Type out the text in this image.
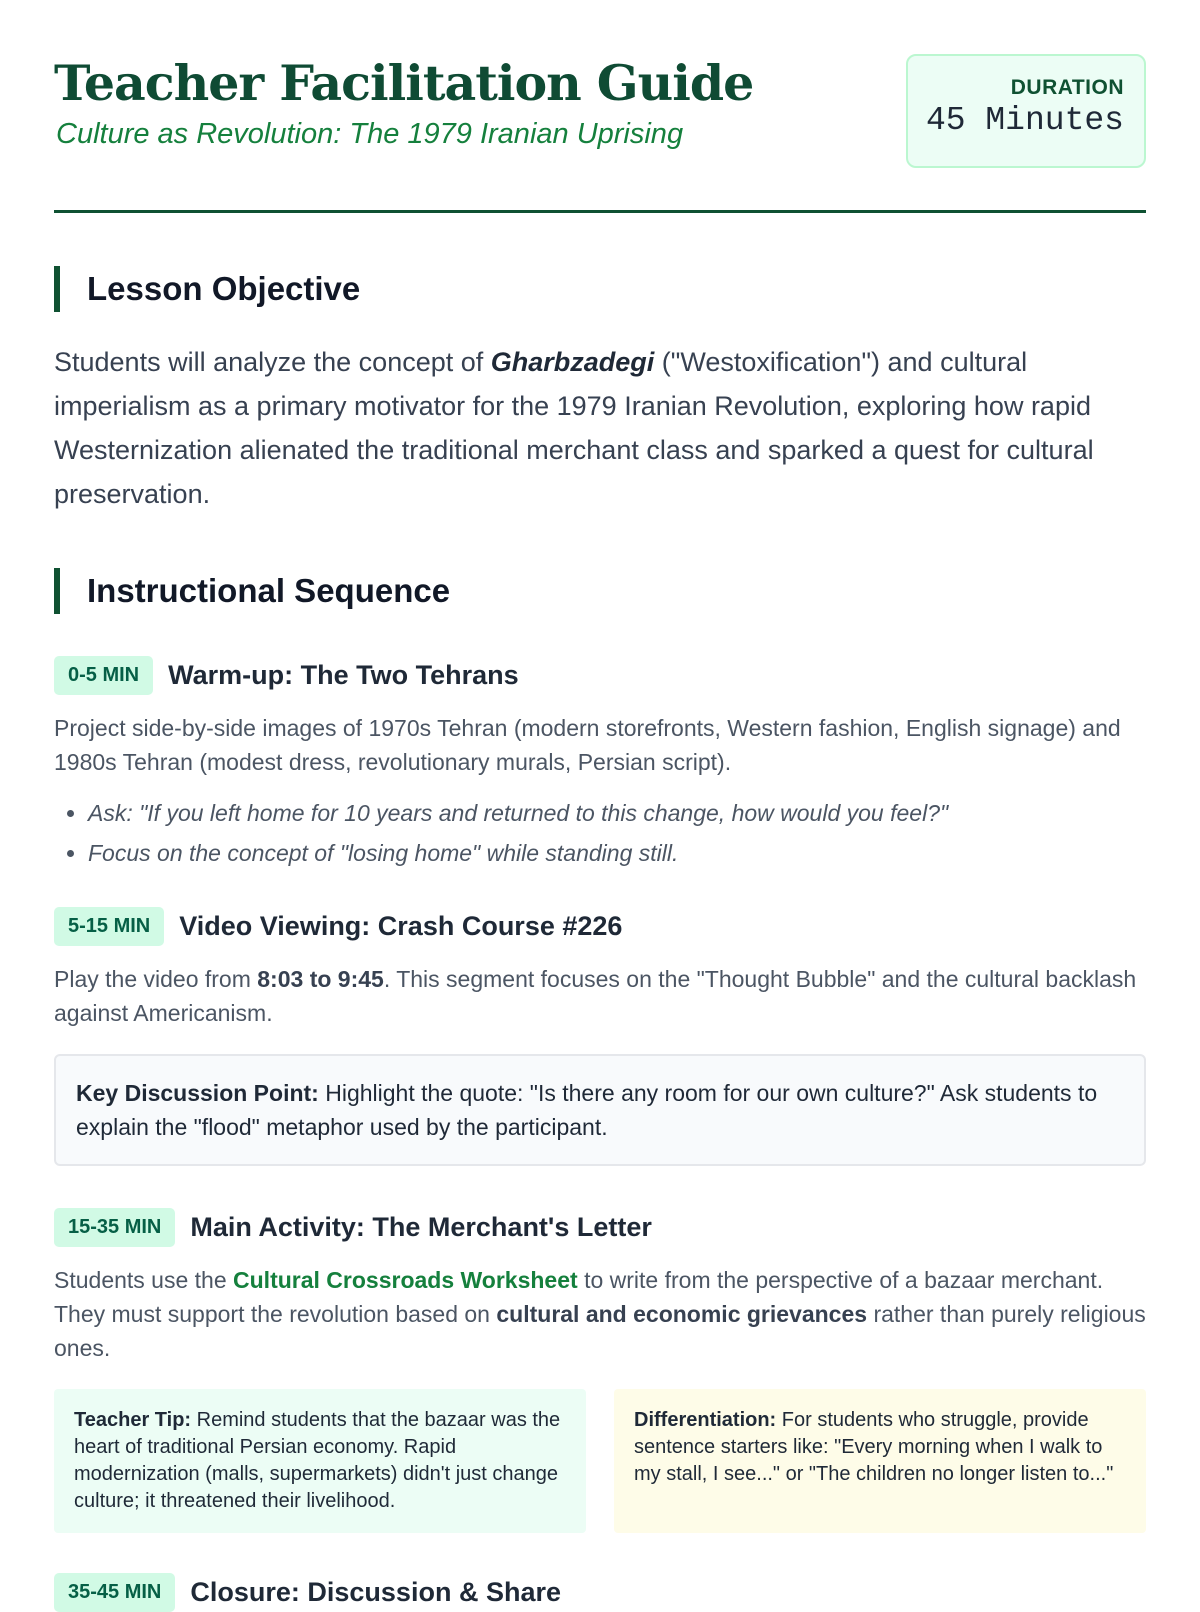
Teacher Facilitation Guide
Culture as Revolution: The 1979 Iranian Uprising
DURATION
45 Minutes
Lesson Objective

Students will analyze the concept of Gharbzadegi ("Westoxification") and cultural imperialism as a primary motivator for the 1979 Iranian Revolution, exploring how rapid Westernization alienated the traditional merchant class and sparked a quest for cultural preservation.

Instructional Sequence
0-5 MIN	Warm-up: The Two Tehrans

Project side-by-side images of 1970s Tehran (modern storefronts, Western fashion, English signage) and 1980s Tehran (modest dress, revolutionary murals, Persian script).

• Ask: "If you left home for 10 years and returned to this change, how would you feel?"
• Focus on the concept of "losing home" while standing still.
5-15 MIN	Video Viewing: Crash Course #226

Play the video from 8:03 to 9:45. This segment focuses on the "Thought Bubble" and the cultural backlash against Americanism.

Key Discussion Point: Highlight the quote: "Is there any room for our own culture?" Ask students to explain the "flood" metaphor used by the participant.
15-35 MIN	Main Activity: The Merchant's Letter

Students use the Cultural Crossroads Worksheet to write from the perspective of a bazaar merchant. They must support the revolution based on cultural and economic grievances rather than purely religious ones.

Teacher Tip: Remind students that the bazaar was the heart of traditional Persian economy. Rapid modernization (malls, supermarkets) didn't just change culture; it threatened their livelihood.
Differentiation: For students who struggle, provide sentence starters like: "Every morning when I walk to my stall, I see..." or "The children no longer listen to..."
35-45 MIN	Closure: Discussion & Share
